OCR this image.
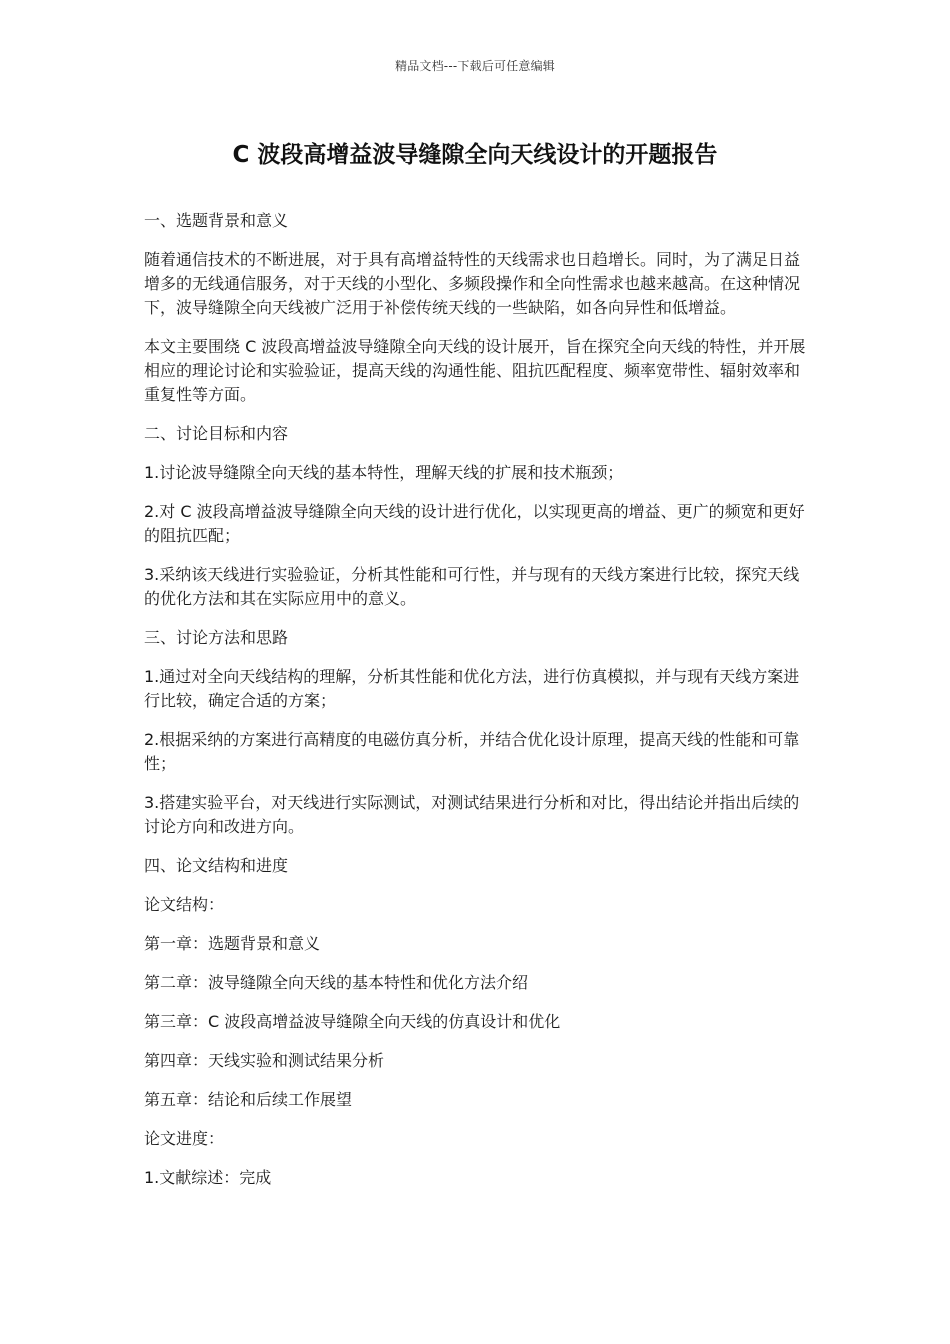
精品文档---下载后可任意编辑
C 波段高增益波导缝隙全向天线设计的开题报告

一、选题背景和意义

随着通信技术的不断进展，对于具有高增益特性的天线需求也日趋增长。同时，为了满足日益增多的无线通信服务，对于天线的小型化、多频段操作和全向性需求也越来越高。在这种情况下，波导缝隙全向天线被广泛用于补偿传统天线的一些缺陷，如各向异性和低增益。

本文主要围绕 C 波段高增益波导缝隙全向天线的设计展开，旨在探究全向天线的特性，并开展相应的理论讨论和实验验证，提高天线的沟通性能、阻抗匹配程度、频率宽带性、辐射效率和重复性等方面。

二、讨论目标和内容

1.讨论波导缝隙全向天线的基本特性，理解天线的扩展和技术瓶颈；

2.对 C 波段高增益波导缝隙全向天线的设计进行优化，以实现更高的增益、更广的频宽和更好的阻抗匹配；

3.采纳该天线进行实验验证，分析其性能和可行性，并与现有的天线方案进行比较，探究天线的优化方法和其在实际应用中的意义。

三、讨论方法和思路

1.通过对全向天线结构的理解，分析其性能和优化方法，进行仿真模拟，并与现有天线方案进行比较，确定合适的方案；

2.根据采纳的方案进行高精度的电磁仿真分析，并结合优化设计原理，提高天线的性能和可靠性；

3.搭建实验平台，对天线进行实际测试，对测试结果进行分析和对比，得出结论并指出后续的讨论方向和改进方向。

四、论文结构和进度

论文结构：

第一章：选题背景和意义

第二章：波导缝隙全向天线的基本特性和优化方法介绍

第三章：C 波段高增益波导缝隙全向天线的仿真设计和优化

第四章：天线实验和测试结果分析

第五章：结论和后续工作展望

论文进度：

1.文献综述：完成
